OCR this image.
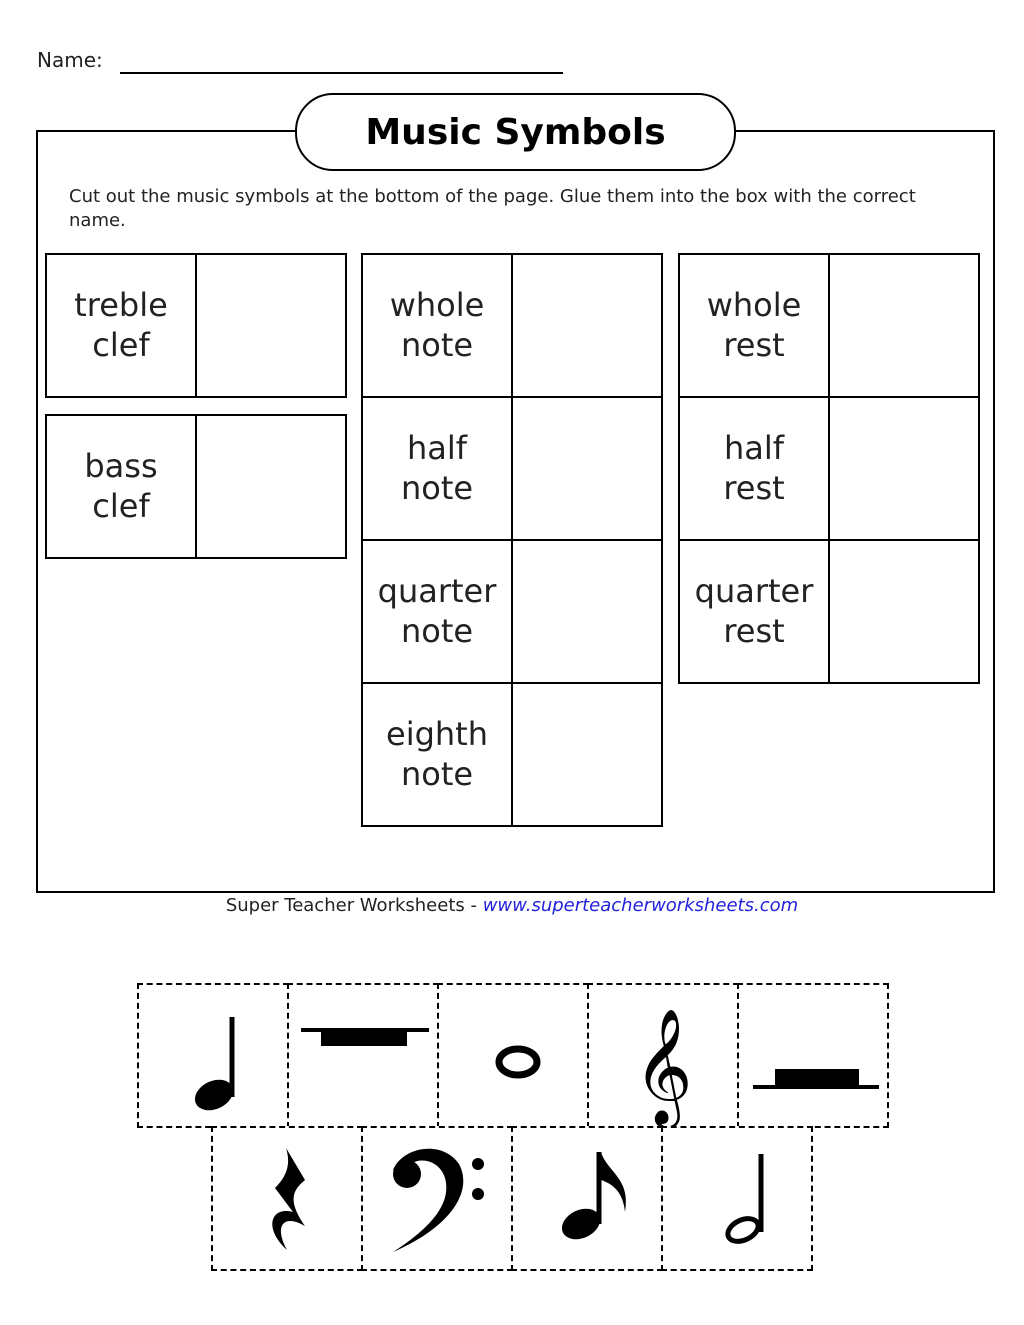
Name:
Music Symbols
Cut out the music symbols at the bottom of the page. Glue them into the box with the correct name.
treble
clef
bass
clef
whole
note
half
note
quarter
note
eighth
note
whole
rest
half
rest
quarter
rest
Super Teacher Worksheets - www.superteacherworksheets.com
𝄞
